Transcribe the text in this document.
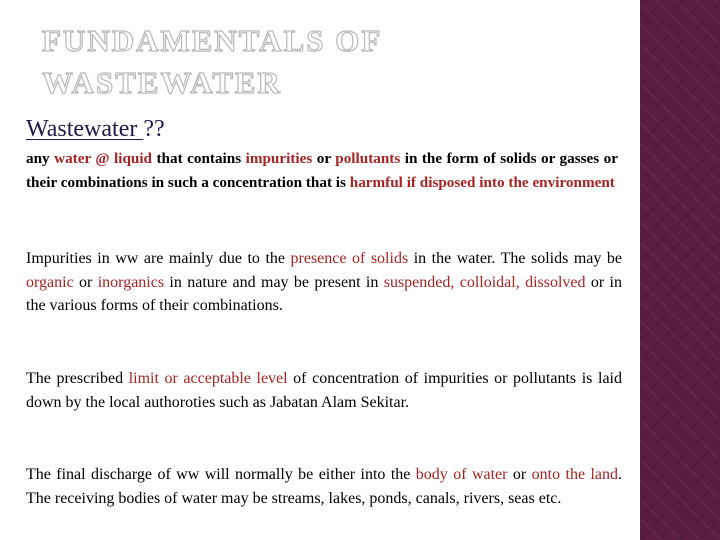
FUNDAMENTALS OF WASTEWATER
Wastewater ??

any water @ liquid that contains impurities or pollutants in the form of solids or gasses or their combinations in such a concentration that is harmful if disposed into the environment

Impurities in ww are mainly due to the presence of solids in the water. The solids may be organic or inorganics in nature and may be present in suspended, colloidal, dissolved or in the various forms of their combinations.

The prescribed limit or acceptable level of concentration of impurities or pollutants is laid down by the local authoroties such as Jabatan Alam Sekitar.

The final discharge of ww will normally be either into the body of water or onto the land. The receiving bodies of water may be streams, lakes, ponds, canals, rivers, seas etc.
